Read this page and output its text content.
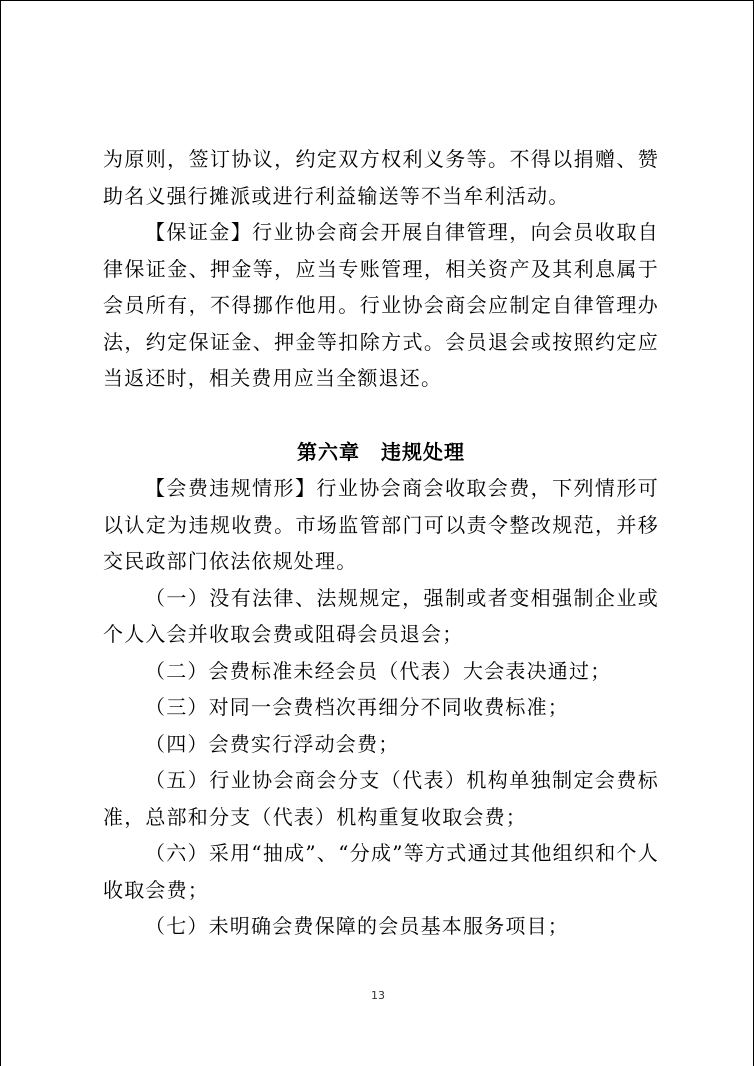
为原则，签订协议，约定双方权利义务等。不得以捐赠、赞助名义强行摊派或进行利益输送等不当牟利活动。

【保证金】行业协会商会开展自律管理，向会员收取自律保证金、押金等，应当专账管理，相关资产及其利息属于会员所有，不得挪作他用。行业协会商会应制定自律管理办法，约定保证金、押金等扣除方式。会员退会或按照约定应当返还时，相关费用应当全额退还。

第六章　违规处理

【会费违规情形】行业协会商会收取会费，下列情形可以认定为违规收费。市场监管部门可以责令整改规范，并移交民政部门依法依规处理。

（一）没有法律、法规规定，强制或者变相强制企业或个人入会并收取会费或阻碍会员退会；

（二）会费标准未经会员（代表）大会表决通过；

（三）对同一会费档次再细分不同收费标准；

（四）会费实行浮动会费；

（五）行业协会商会分支（代表）机构单独制定会费标准，总部和分支（代表）机构重复收取会费；

（六）采用“抽成”、“分成”等方式通过其他组织和个人收取会费；

（七）未明确会费保障的会员基本服务项目；

13
